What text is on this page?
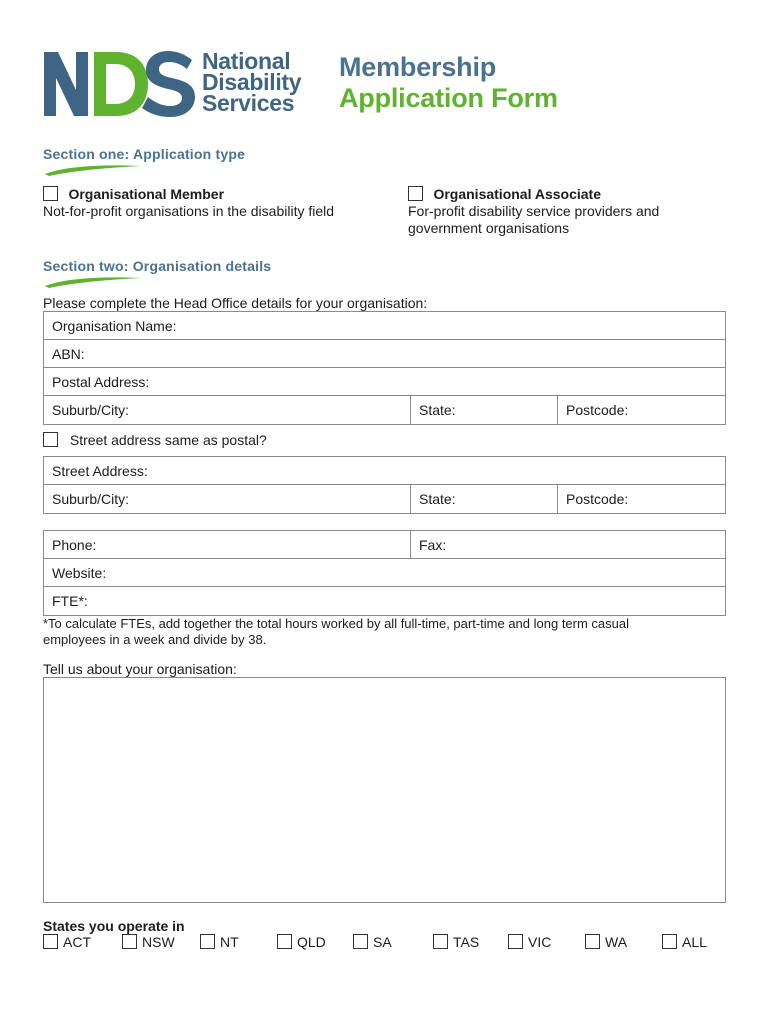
National
Disability
Services
Membership
Application Form
Section one: Application type
Organisational Member
Not-for-profit organisations in the disability field
Organisational Associate
For-profit disability service providers and
government organisations
Section two: Organisation details
Please complete the Head Office details for your organisation:
Organisation Name:
ABN:
Postal Address:
Suburb/City:	State:	Postcode:
Street address same as postal?
Street Address:
Suburb/City:	State:	Postcode:
Phone:	Fax:
Website:
FTE*:
*To calculate FTEs, add together the total hours worked by all full-time, part-time and long term casual
employees in a week and divide by 38.
Tell us about your organisation:
States you operate in
ACT	NSW	NT	QLD	SA	TAS	VIC	WA	ALL
